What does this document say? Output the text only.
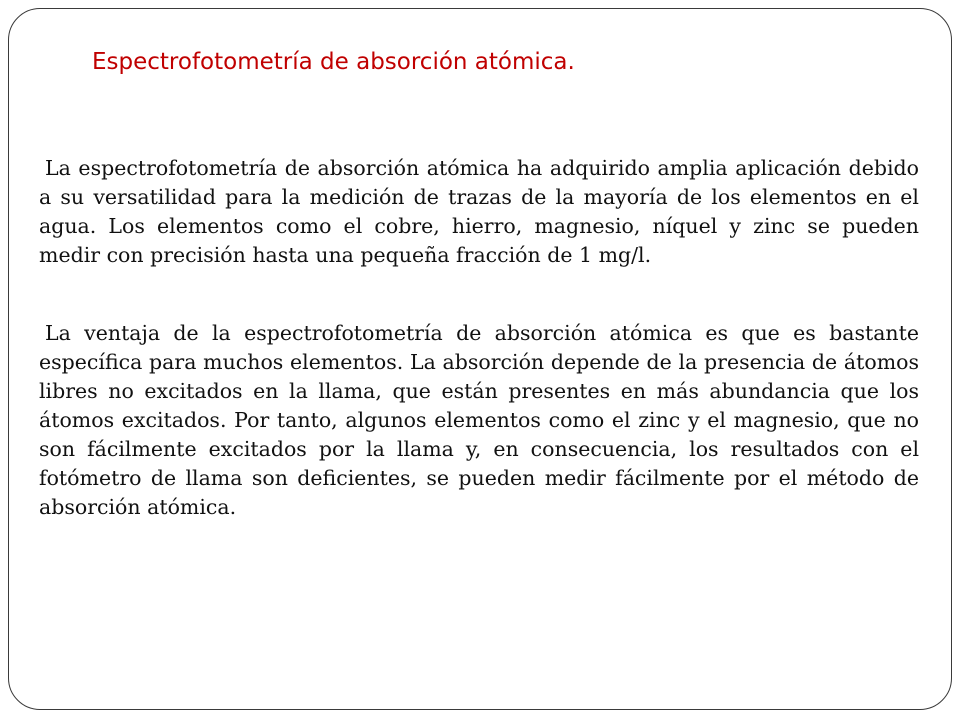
Espectrofotometría de absorción atómica.

La espectrofotometría de absorción atómica ha adquirido amplia aplicación debido a su versatilidad para la medición de trazas de la mayoría de los elementos en el agua. Los elementos como el cobre, hierro, magnesio, níquel y zinc se pueden medir con precisión hasta una pequeña fracción de 1 mg/l.

La ventaja de la espectrofotometría de absorción atómica es que es bastante específica para muchos elementos. La absorción depende de la presencia de átomos libres no excitados en la llama, que están presentes en más abundancia que los átomos excitados. Por tanto, algunos elementos como el zinc y el magnesio, que no son fácilmente excitados por la llama y, en consecuencia, los resultados con el fotómetro de llama son deficientes, se pueden medir fácilmente por el método de absorción atómica.
